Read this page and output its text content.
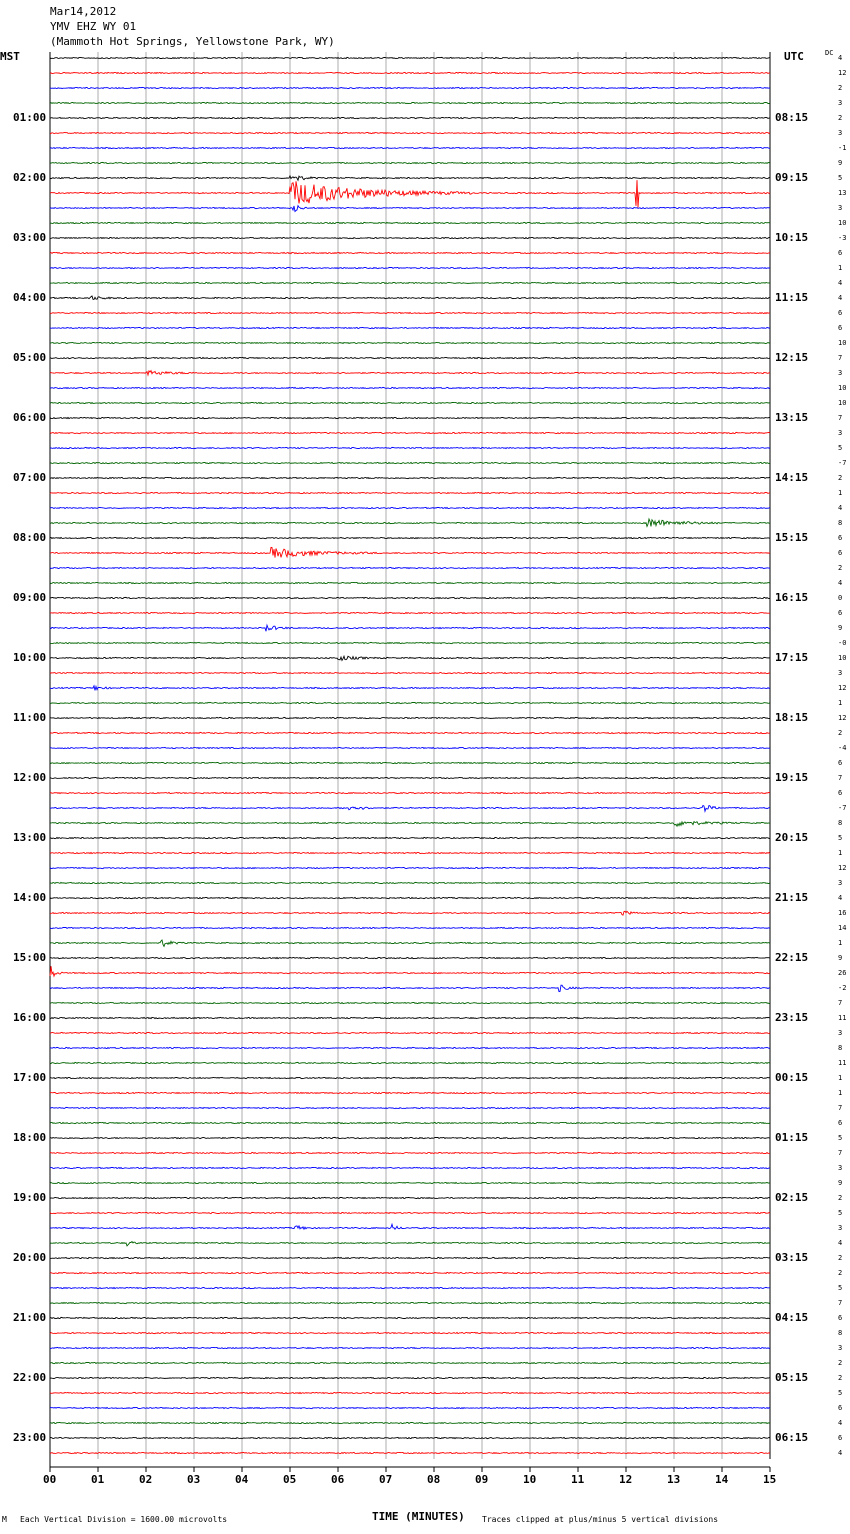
Mar14,2012
YMV EHZ WY 01
(Mammoth Hot Springs, Yellowstone Park, WY)
MST	UTC	DC
01:00
02:00
03:00
04:00
05:00
06:00
07:00
08:00
09:00
10:00
11:00
12:00
13:00
14:00
15:00
16:00
17:00
18:00
19:00
20:00
21:00
22:00
23:00
08:15
09:15
10:15
11:15
12:15
13:15
14:15
15:15
16:15
17:15
18:15
19:15
20:15
21:15
22:15
23:15
00:15
01:15
02:15
03:15
04:15
05:15
06:15
4
12
2
3
2
3
-1
9
5
13
3
10
-3
6
1
4
4
6
6
10
7
3
10
10
7
3
5
-7
2
1
4
8
6
6
2
4
0
6
9
-0
10
3
12
1
12
2
-4
6
7
6
-7
8
5
1
12
3
4
16
14
1
9
26
-2
7
11
3
8
11
1
1
7
6
5
7
3
9
2
5
3
4
2
2
5
7
6
8
3
2
2
5
6
4
6
4
00	01	02	03	04	05	06	07	08	09	10	11	12	13	14	15
TIME (MINUTES)
M Each Vertical Division = 1600.00 microvolts	Traces clipped at plus/minus 5 vertical divisions
